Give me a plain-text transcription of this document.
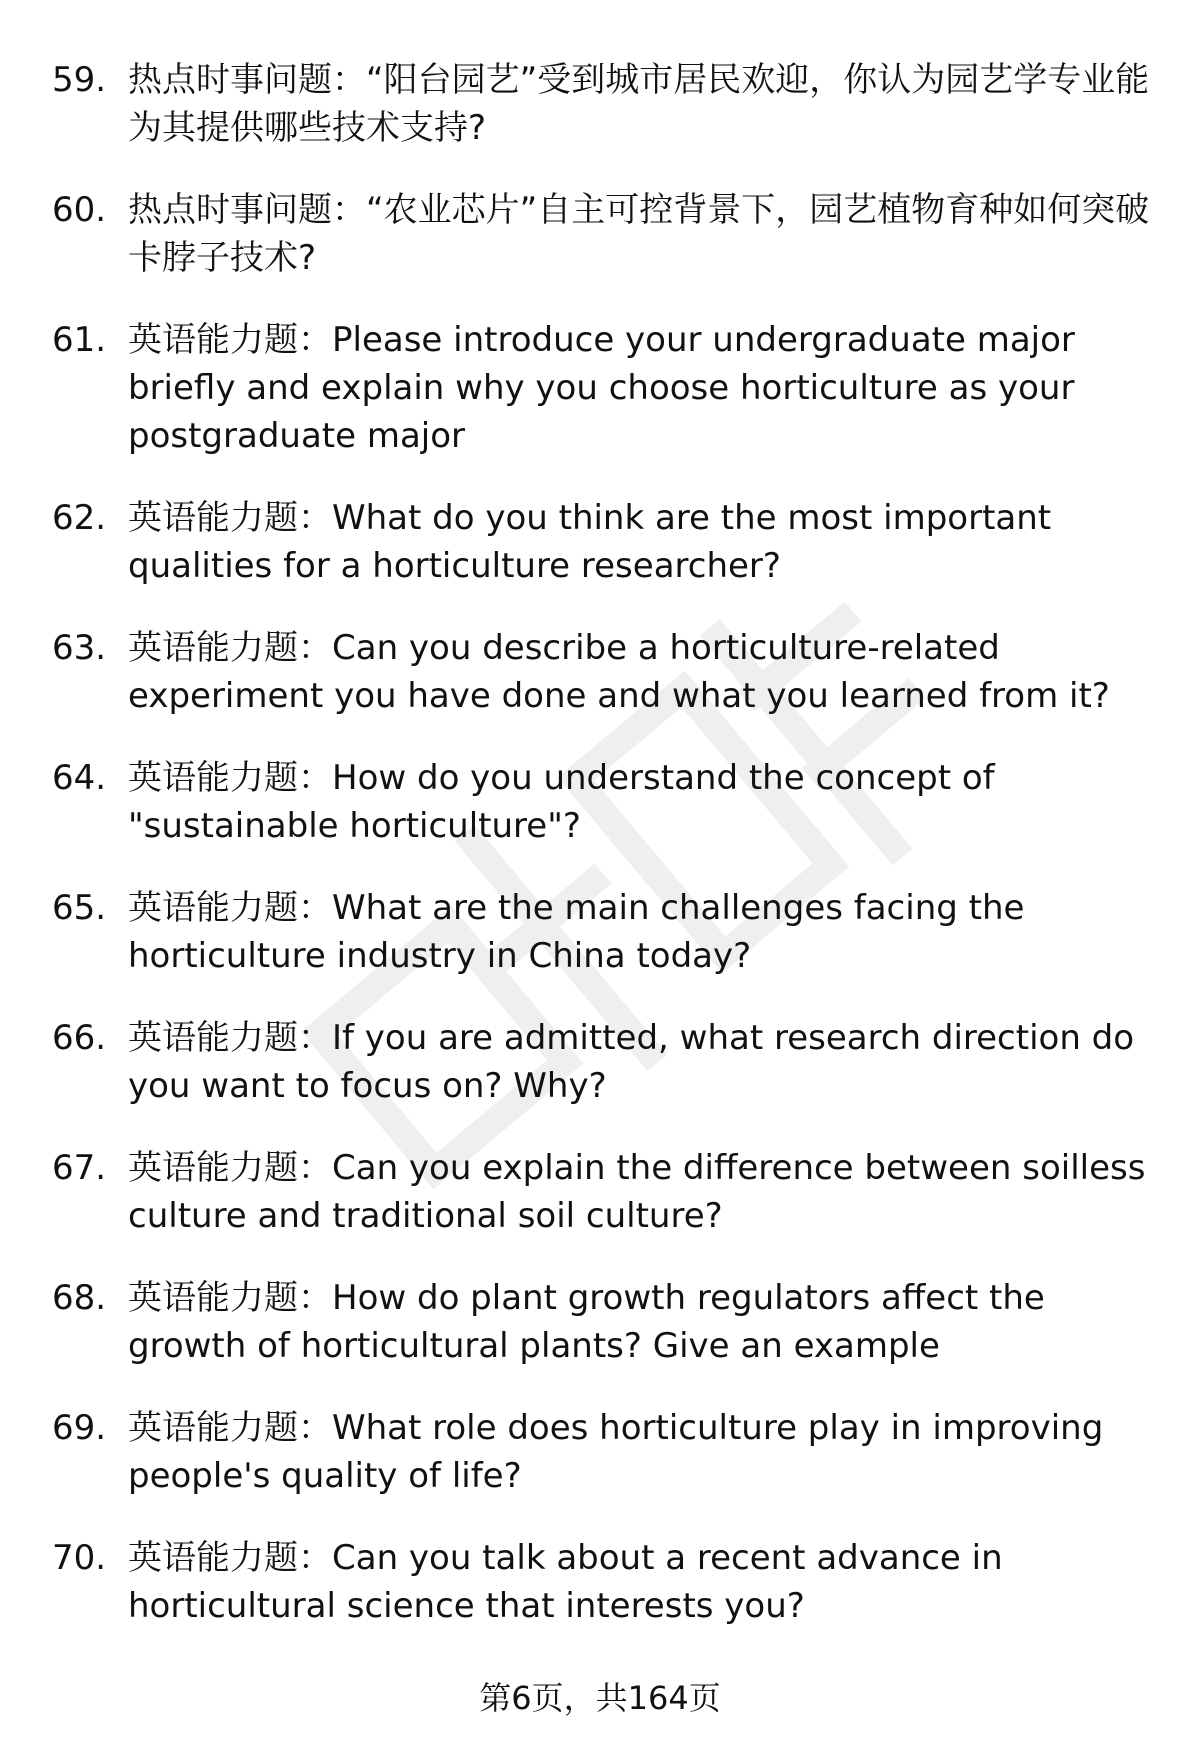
59. 热点时事问题：“阳台园艺”受到城市居民欢迎，你认为园艺学专业能为其提供哪些技术支持?
60. 热点时事问题：“农业芯片”自主可控背景下，园艺植物育种如何突破卡脖子技术?
61. 英语能力题：Please introduce your undergraduate major briefly and explain why you choose horticulture as your postgraduate major
62. 英语能力题：What do you think are the most important qualities for a horticulture researcher?
63. 英语能力题：Can you describe a horticulture-related experiment you have done and what you learned from it?
64. 英语能力题：How do you understand the concept of "sustainable horticulture"?
65. 英语能力题：What are the main challenges facing the horticulture industry in China today?
66. 英语能力题：If you are admitted, what research direction do you want to focus on? Why?
67. 英语能力题：Can you explain the difference between soilless culture and traditional soil culture?
68. 英语能力题：How do plant growth regulators affect the growth of horticultural plants? Give an example
69. 英语能力题：What role does horticulture play in improving people's quality of life?
70. 英语能力题：Can you talk about a recent advance in horticultural science that interests you?
第6页，共164页
